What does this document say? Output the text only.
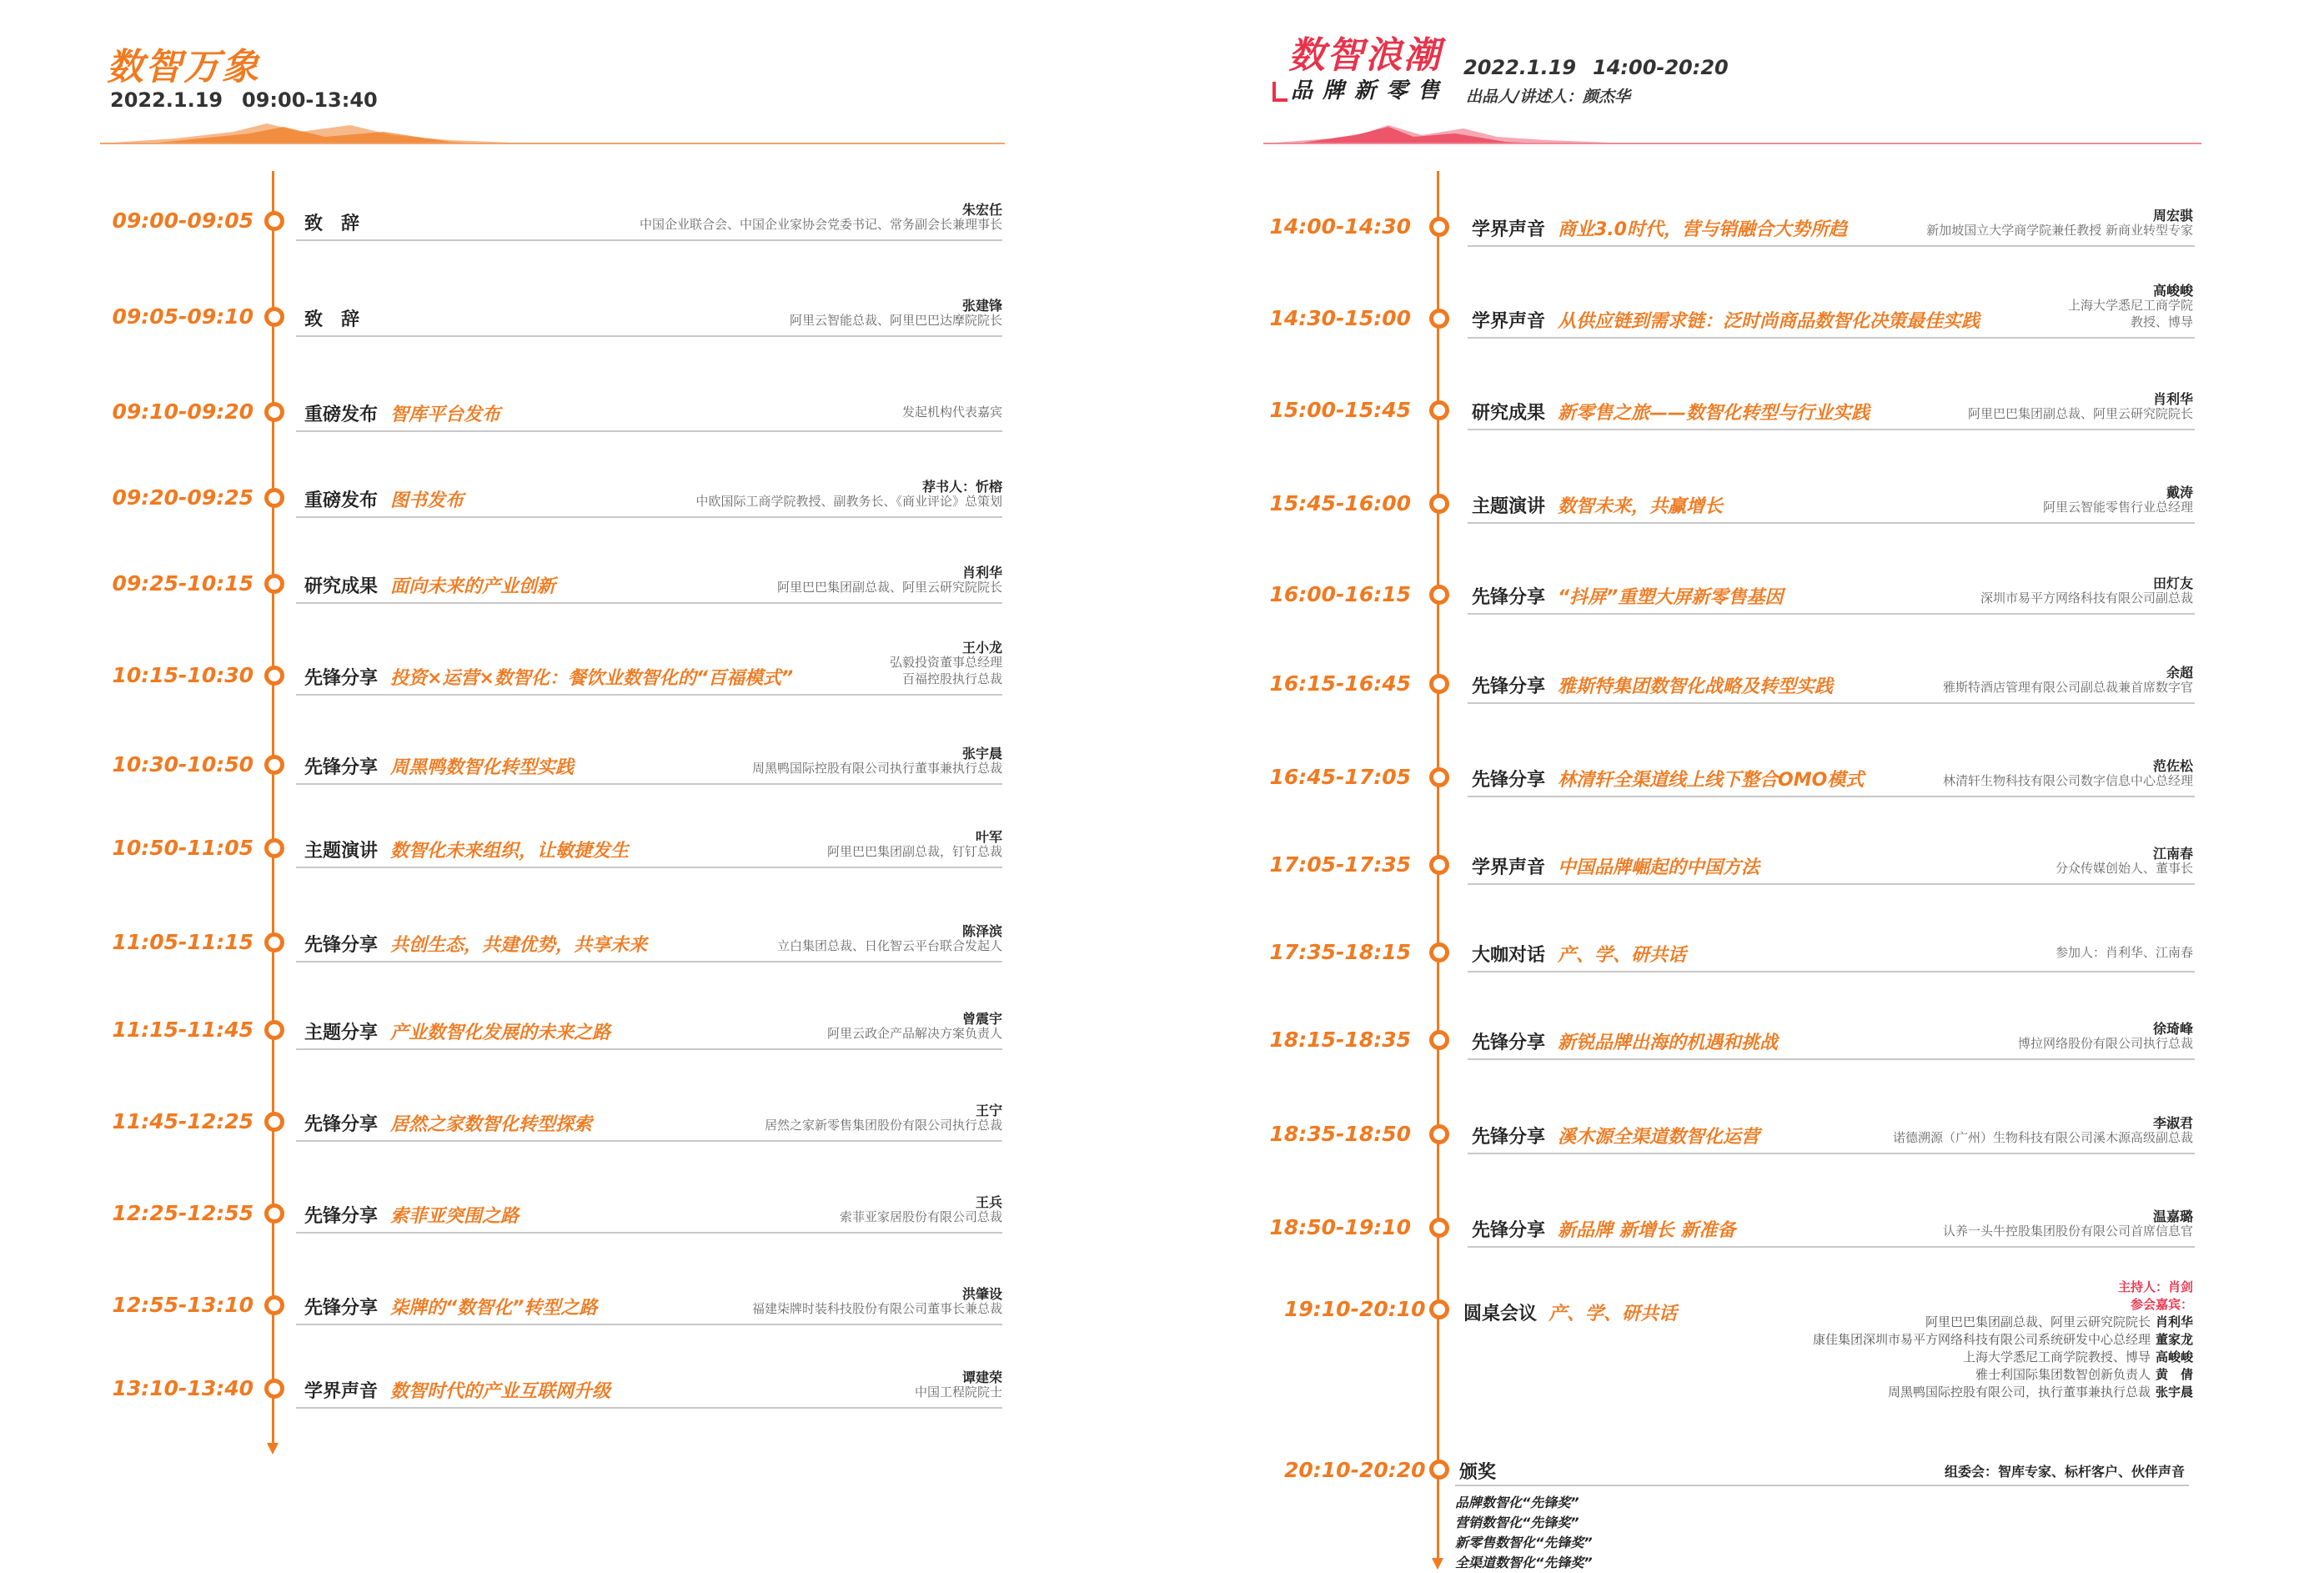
数智万象
2022.1.19 09:00-13:40
数智浪潮
品牌新零售
2022.1.19 14:00-20:20
出品人/讲述人：颜杰华
09:00-09:05	致　辞
朱宏任
中国企业联合会、中国企业家协会党委书记、常务副会长兼理事长
09:05-09:10	致　辞
张建锋
阿里云智能总裁、阿里巴巴达摩院院长
09:10-09:20	重磅发布 智库平台发布	发起机构代表嘉宾
09:20-09:25	重磅发布 图书发布
荐书人：忻榕
中欧国际工商学院教授、副教务长、《商业评论》总策划
09:25-10:15	研究成果 面向未来的产业创新
肖利华
阿里巴巴集团副总裁、阿里云研究院院长
10:15-10:30	先锋分享 投资×运营×数智化：餐饮业数智化的“百福模式”
王小龙
弘毅投资董事总经理
百福控股执行总裁
10:30-10:50	先锋分享 周黑鸭数智化转型实践
张宇晨
周黑鸭国际控股有限公司执行董事兼执行总裁
10:50-11:05	主题演讲 数智化未来组织，让敏捷发生
叶军
阿里巴巴集团副总裁，钉钉总裁
11:05-11:15	先锋分享 共创生态，共建优势，共享未来
陈泽滨
立白集团总裁、日化智云平台联合发起人
11:15-11:45	主题分享 产业数智化发展的未来之路
曾震宇
阿里云政企产品解决方案负责人
11:45-12:25	先锋分享 居然之家数智化转型探索
王宁
居然之家新零售集团股份有限公司执行总裁
12:25-12:55	先锋分享 索菲亚突围之路
王兵
索菲亚家居股份有限公司总裁
12:55-13:10	先锋分享 柒牌的“数智化”转型之路
洪肇设
福建柒牌时装科技股份有限公司董事长兼总裁
13:10-13:40	学界声音 数智时代的产业互联网升级
谭建荣
中国工程院院士
14:00-14:30	学界声音 商业3.0时代，营与销融合大势所趋
周宏骐
新加坡国立大学商学院兼任教授 新商业转型专家
14:30-15:00	学界声音 从供应链到需求链：泛时尚商品数智化决策最佳实践
高峻峻
上海大学悉尼工商学院
教授、博导
15:00-15:45	研究成果 新零售之旅——数智化转型与行业实践
肖利华
阿里巴巴集团副总裁、阿里云研究院院长
15:45-16:00	主题演讲 数智未来，共赢增长
戴涛
阿里云智能零售行业总经理
16:00-16:15	先锋分享 “抖屏”重塑大屏新零售基因
田灯友
深圳市易平方网络科技有限公司副总裁
16:15-16:45	先锋分享 雅斯特集团数智化战略及转型实践
余超
雅斯特酒店管理有限公司副总裁兼首席数字官
16:45-17:05	先锋分享 林清轩全渠道线上线下整合OMO模式
范佐松
林清轩生物科技有限公司数字信息中心总经理
17:05-17:35	学界声音 中国品牌崛起的中国方法
江南春
分众传媒创始人、董事长
17:35-18:15	大咖对话 产、学、研共话	参加人：肖利华、江南春
18:15-18:35	先锋分享 新锐品牌出海的机遇和挑战
徐琦峰
博拉网络股份有限公司执行总裁
18:35-18:50	先锋分享 溪木源全渠道数智化运营
李淑君
诺德溯源（广州）生物科技有限公司溪木源高级副总裁
18:50-19:10	先锋分享 新品牌 新增长 新准备
温嘉璐
认养一头牛控股集团股份有限公司首席信息官
19:10-20:10 圆桌会议 产、学、研共话
主持人：肖剑
参会嘉宾：
阿里巴巴集团副总裁、阿里云研究院院长 肖利华
康佳集团深圳市易平方网络科技有限公司系统研发中心总经理 董家龙
上海大学悉尼工商学院教授、博导 高峻峻
雅士利国际集团数智创新负责人 黄　倩
周黑鸭国际控股有限公司，执行董事兼执行总裁 张宇晨
20:10-20:20 颁奖	组委会：智库专家、标杆客户、伙伴声音
品牌数智化“先锋奖”
营销数智化“先锋奖”
新零售数智化“先锋奖”
全渠道数智化“先锋奖”
